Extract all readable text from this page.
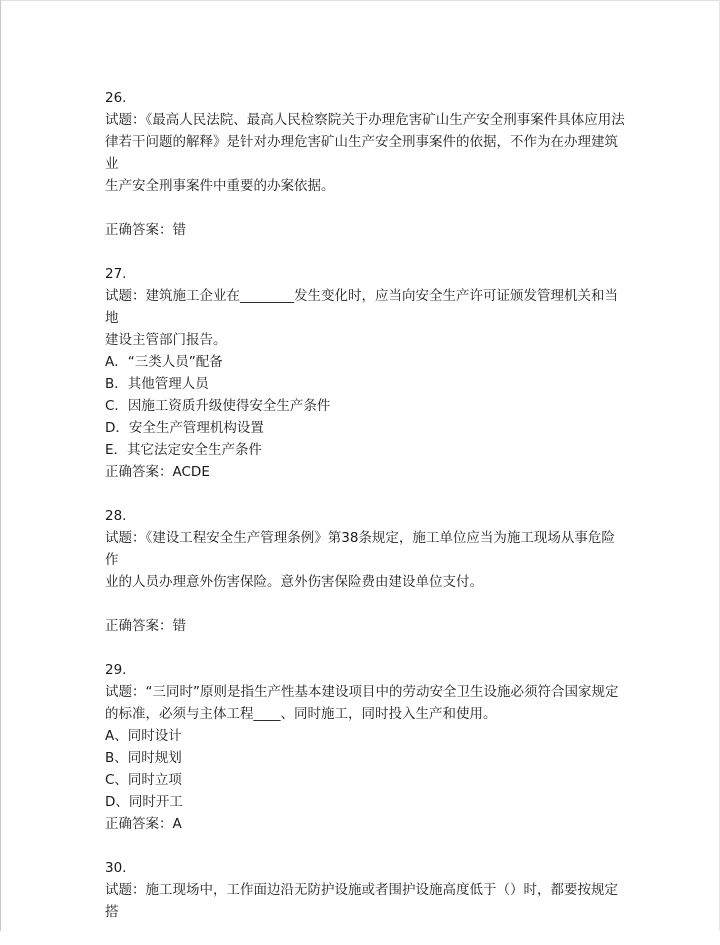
26.
试题：《最高人民法院、最高人民检察院关于办理危害矿山生产安全刑事案件具体应用法
律若干问题的解释》是针对办理危害矿山生产安全刑事案件的依据，不作为在办理建筑业
生产安全刑事案件中重要的办案依据。
正确答案：错
27.
试题：建筑施工企业在________发生变化时，应当向安全生产许可证颁发管理机关和当地
建设主管部门报告。
A．“三类人员”配备
B．其他管理人员
C．因施工资质升级使得安全生产条件
D．安全生产管理机构设置
E．其它法定安全生产条件
正确答案：ACDE
28.
试题：《建设工程安全生产管理条例》第38条规定，施工单位应当为施工现场从事危险作
业的人员办理意外伤害保险。意外伤害保险费由建设单位支付。
正确答案：错
29.
试题：“三同时”原则是指生产性基本建设项目中的劳动安全卫生设施必须符合国家规定
的标准，必须与主体工程____、同时施工，同时投入生产和使用。
A、同时设计
B、同时规划
C、同时立项
D、同时开工
正确答案：A
30.
试题：施工现场中，工作面边沿无防护设施或者围护设施高度低于（）时，都要按规定搭
